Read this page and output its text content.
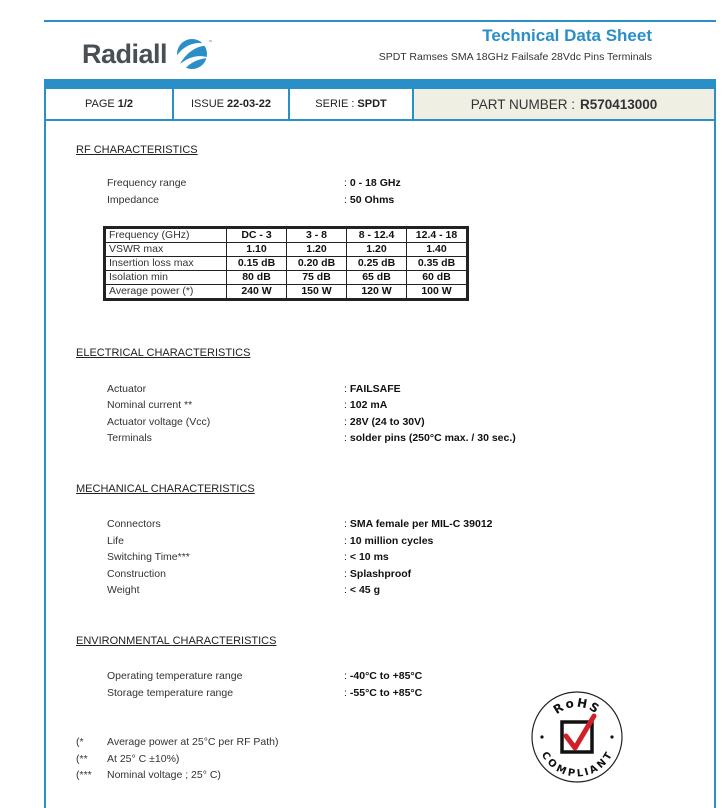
Radiall	™	Technical Data Sheet
SPDT Ramses SMA 18GHz Failsafe 28Vdc Pins Terminals
PAGE 1/2	ISSUE 22-03-22	SERIE : SPDT	PART NUMBER : R570413000
RF CHARACTERISTICS
Frequency range	: 0 - 18 GHz
Impedance	: 50 Ohms
Frequency (GHz)	DC - 3	3 - 8	8 - 12.4	12.4 - 18
VSWR max	1.10	1.20	1.20	1.40
Insertion loss max	0.15 dB	0.20 dB	0.25 dB	0.35 dB
Isolation min	80 dB	75 dB	65 dB	60 dB
Average power (*)	240 W	150 W	120 W	100 W
ELECTRICAL CHARACTERISTICS
Actuator	: FAILSAFE
Nominal current **	: 102 mA
Actuator voltage (Vcc)	: 28V (24 to 30V)
Terminals	: solder pins (250°C max. / 30 sec.)
MECHANICAL CHARACTERISTICS
Connectors	: SMA female per MIL-C 39012
Life	: 10 million cycles
Switching Time***	: < 10 ms
Construction	: Splashproof
Weight	: < 45 g
ENVIRONMENTAL CHARACTERISTICS
Operating temperature range	: -40°C to +85°C
Storage temperature range	: -55°C to +85°C
(* Average power at 25°C per RF Path)
(** At 25° C ±10%)
(*** Nominal voltage ; 25° C)
RoHS
COMPLIANT
